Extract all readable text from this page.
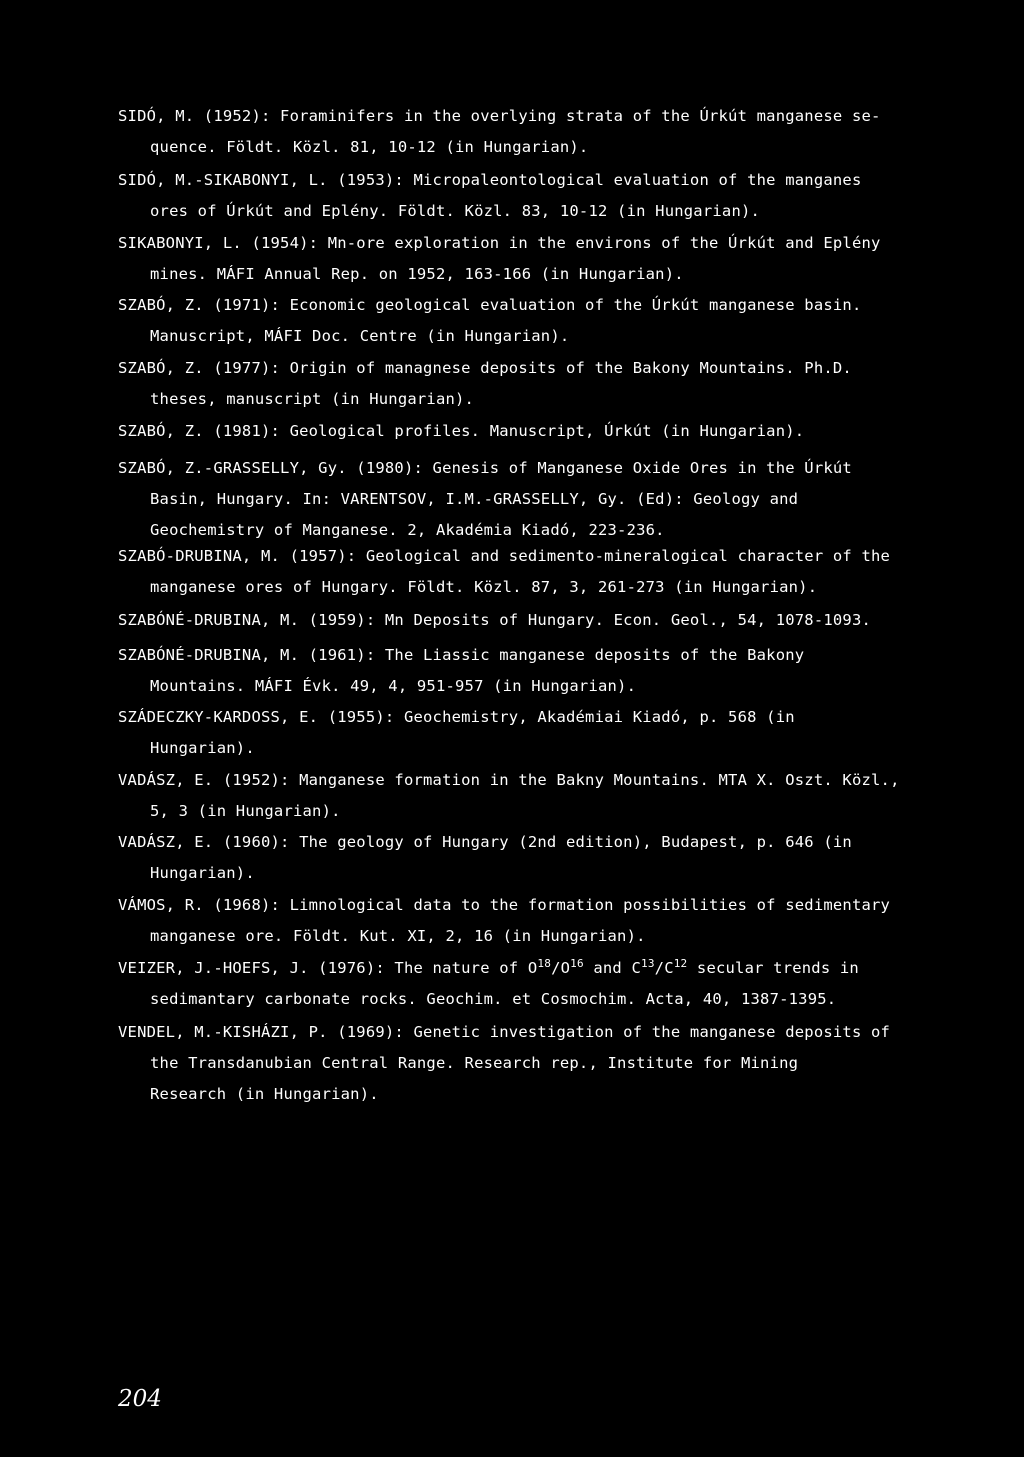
SIDÓ, M. (1952): Foraminifers in the overlying strata of the Úrkút manganese se-
quence. Földt. Közl. 81, 10-12 (in Hungarian).
SIDÓ, M.-SIKABONYI, L. (1953): Micropaleontological evaluation of the manganes
ores of Úrkút and Eplény. Földt. Közl. 83, 10-12 (in Hungarian).
SIKABONYI, L. (1954): Mn-ore exploration in the environs of the Úrkút and Eplény
mines. MÁFI Annual Rep. on 1952, 163-166 (in Hungarian).
SZABÓ, Z. (1971): Economic geological evaluation of the Úrkút manganese basin.
Manuscript, MÁFI Doc. Centre (in Hungarian).
SZABÓ, Z. (1977): Origin of managnese deposits of the Bakony Mountains. Ph.D.
theses, manuscript (in Hungarian).
SZABÓ, Z. (1981): Geological profiles. Manuscript, Úrkút (in Hungarian).
SZABÓ, Z.-GRASSELLY, Gy. (1980): Genesis of Manganese Oxide Ores in the Úrkút
Basin, Hungary. In: VARENTSOV, I.M.-GRASSELLY, Gy. (Ed): Geology and
Geochemistry of Manganese. 2, Akadémia Kiadó, 223-236.
SZABÓ-DRUBINA, M. (1957): Geological and sedimento-mineralogical character of the
manganese ores of Hungary. Földt. Közl. 87, 3, 261-273 (in Hungarian).
SZABÓNÉ-DRUBINA, M. (1959): Mn Deposits of Hungary. Econ. Geol., 54, 1078-1093.
SZABÓNÉ-DRUBINA, M. (1961): The Liassic manganese deposits of the Bakony
Mountains. MÁFI Évk. 49, 4, 951-957 (in Hungarian).
SZÁDECZKY-KARDOSS, E. (1955): Geochemistry, Akadémiai Kiadó, p. 568 (in
Hungarian).
VADÁSZ, E. (1952): Manganese formation in the Bakny Mountains. MTA X. Oszt. Közl.,
5, 3 (in Hungarian).
VADÁSZ, E. (1960): The geology of Hungary (2nd edition), Budapest, p. 646 (in
Hungarian).
VÁMOS, R. (1968): Limnological data to the formation possibilities of sedimentary
manganese ore. Földt. Kut. XI, 2, 16 (in Hungarian).
VEIZER, J.-HOEFS, J. (1976): The nature of $O^{18}/O^{16}$ and $C^{13}/C^{12}$ secular trends in
sedimantary carbonate rocks. Geochim. et Cosmochim. Acta, 40, 1387-1395.
VENDEL, M.-KISHÁZI, P. (1969): Genetic investigation of the manganese deposits of
the Transdanubian Central Range. Research rep., Institute for Mining
Research (in Hungarian).
204
